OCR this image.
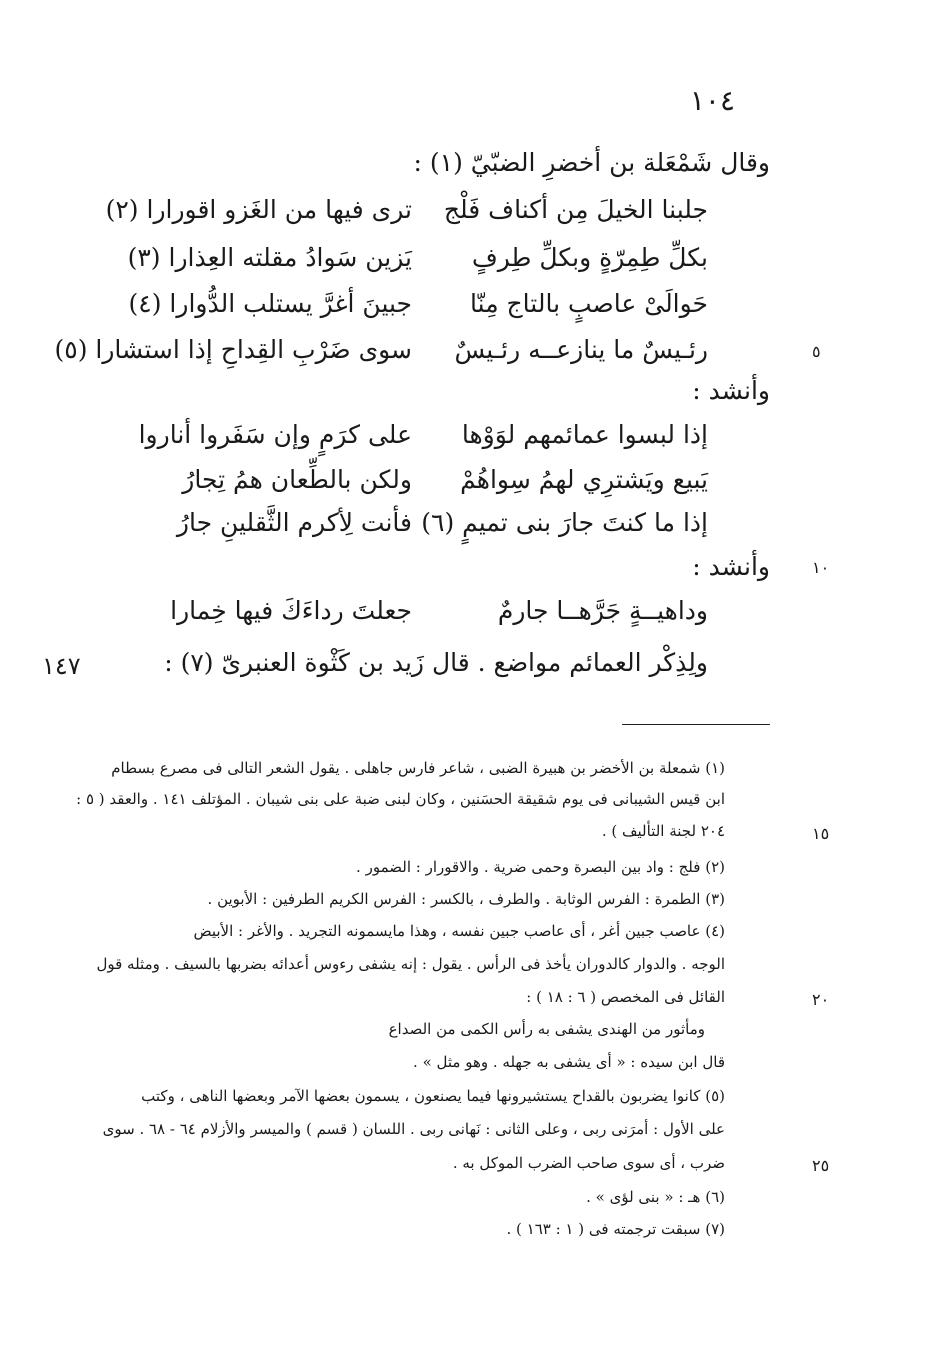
١٠٤
وقال شَمْعَلة بن أخضرِ الضبّيّ (١) :
جلبنا الخيلَ مِن أكناف فَلْج
ترى فيها من الغَزو اقورارا (٢)
بكلِّ طِمِرّةٍ وبكلِّ طِرفٍ
يَزين سَوادُ مقلته العِذارا (٣)
حَوالَىْ عاصبٍ بالتاج مِنّا
جبينَ أغرَّ يستلب الدُّوارا (٤)
رئـيسٌ ما ينازعــه رئـيسٌ
سوى ضَرْبِ القِداحِ إذا استشارا (٥)	٥
وأنشد :
إذا لبسوا عمائمهم لوَوْها
على كرَمٍ وإن سَفَروا أناروا
يَبيع ويَشترِي لهمُ سِواهُمْ
ولكن بالطِّعان همُ تِجارُ
إذا ما كنتَ جارَ بنى تميمٍ (٦)
فأنت لِأكرم الثَّقلينِ جارُ
وأنشد :	١٠
وداهيــةٍ جَرَّهــا جارمٌ
جعلتَ رداءَكَ فيها خِمارا
ولِذِكْر العمائم مواضع . قال زَيد بن كَثْوة العنبرىّ (٧) :
١٤٧
(١) شمعلة بن الأخضر بن هبيرة الضبى ، شاعر فارس جاهلى . يقول الشعر التالى فى مصرع بسطام
ابن قيس الشيبانى فى يوم شقيقة الحسَنين ، وكان لبنى ضبة على بنى شيبان . المؤتلف ١٤١ . والعقد ( ٥ :
٢٠٤ لجنة التأليف ) .	١٥
(٢) فلج : واد بين البصرة وحمى ضرية . والاقورار : الضمور .
(٣) الطمرة : الفرس الوثابة . والطرف ، بالكسر : الفرس الكريم الطرفين : الأبوين .
(٤) عاصب جبين أغر ، أى عاصب جبين نفسه ، وهذا مايسمونه التجريد . والأغر : الأبيض
الوجه . والدوار كالدوران يأخذ فى الرأس . يقول : إنه يشفى رءوس أعدائه بضربها بالسيف . ومثله قول
القائل فى المخصص ( ٦ : ١٨ ) :	٢٠
ومأثور من الهندى يشفى به رأس الكمى من الصداع
قال ابن سيده : « أى يشفى به جهله . وهو مثل » .
(٥) كانوا يضربون بالقداح يستشيرونها فيما يصنعون ، يسمون بعضها الآمر وبعضها الناهى ، وكتب
على الأول : أمرَنى ربى ، وعلى الثانى : نَهانى ربى . اللسان ( قسم ) والميسر والأزلام ٦٤ - ٦٨ . سوى
ضرب ، أى سوى صاحب الضرب الموكل به .	٢٥
(٦) هـ : « بنى لؤى » .
(٧) سبقت ترجمته فى ( ١ : ١٦٣ ) .
